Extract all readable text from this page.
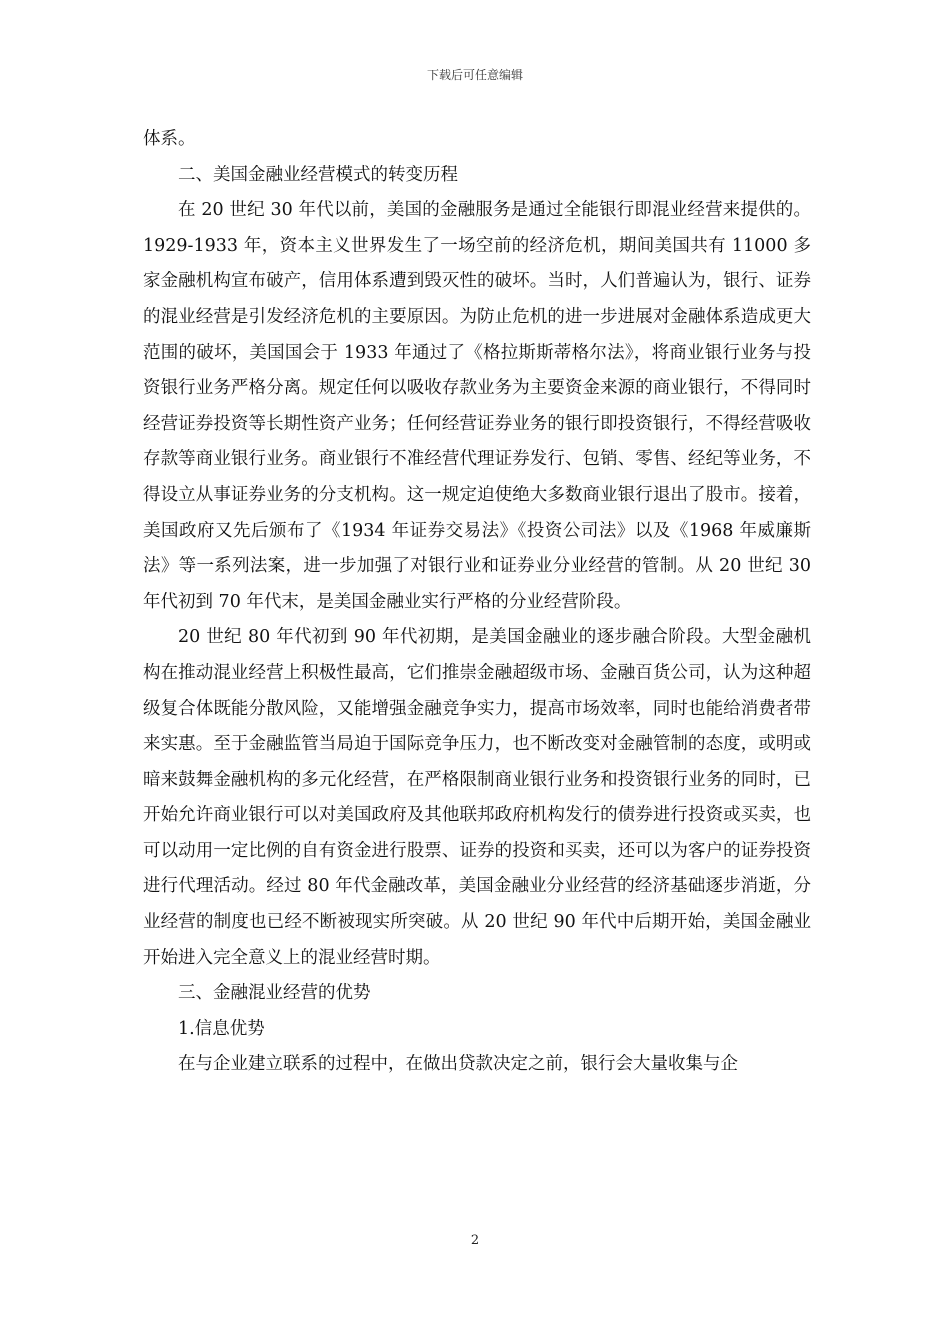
下载后可任意编辑

体系。

二、美国金融业经营模式的转变历程

在 20 世纪 30 年代以前，美国的金融服务是通过全能银行即混业经营来提供的。1929-1933 年，资本主义世界发生了一场空前的经济危机，期间美国共有 11000 多家金融机构宣布破产，信用体系遭到毁灭性的破坏。当时，人们普遍认为，银行、证券的混业经营是引发经济危机的主要原因。为防止危机的进一步进展对金融体系造成更大范围的破坏，美国国会于 1933 年通过了《格拉斯斯蒂格尔法》，将商业银行业务与投资银行业务严格分离。规定任何以吸收存款业务为主要资金来源的商业银行，不得同时经营证券投资等长期性资产业务；任何经营证券业务的银行即投资银行，不得经营吸收存款等商业银行业务。商业银行不准经营代理证券发行、包销、零售、经纪等业务，不得设立从事证券业务的分支机构。这一规定迫使绝大多数商业银行退出了股市。接着，美国政府又先后颁布了《1934 年证券交易法》《投资公司法》以及《1968 年威廉斯法》等一系列法案，进一步加强了对银行业和证券业分业经营的管制。从 20 世纪 30 年代初到 70 年代末，是美国金融业实行严格的分业经营阶段。

20 世纪 80 年代初到 90 年代初期，是美国金融业的逐步融合阶段。大型金融机构在推动混业经营上积极性最高，它们推崇金融超级市场、金融百货公司，认为这种超级复合体既能分散风险，又能增强金融竞争实力，提高市场效率，同时也能给消费者带来实惠。至于金融监管当局迫于国际竞争压力，也不断改变对金融管制的态度，或明或暗来鼓舞金融机构的多元化经营，在严格限制商业银行业务和投资银行业务的同时，已开始允许商业银行可以对美国政府及其他联邦政府机构发行的债券进行投资或买卖，也可以动用一定比例的自有资金进行股票、证券的投资和买卖，还可以为客户的证券投资进行代理活动。经过 80 年代金融改革，美国金融业分业经营的经济基础逐步消逝，分业经营的制度也已经不断被现实所突破。从 20 世纪 90 年代中后期开始，美国金融业开始进入完全意义上的混业经营时期。

三、金融混业经营的优势

1.信息优势

在与企业建立联系的过程中，在做出贷款决定之前，银行会大量收集与企

2
